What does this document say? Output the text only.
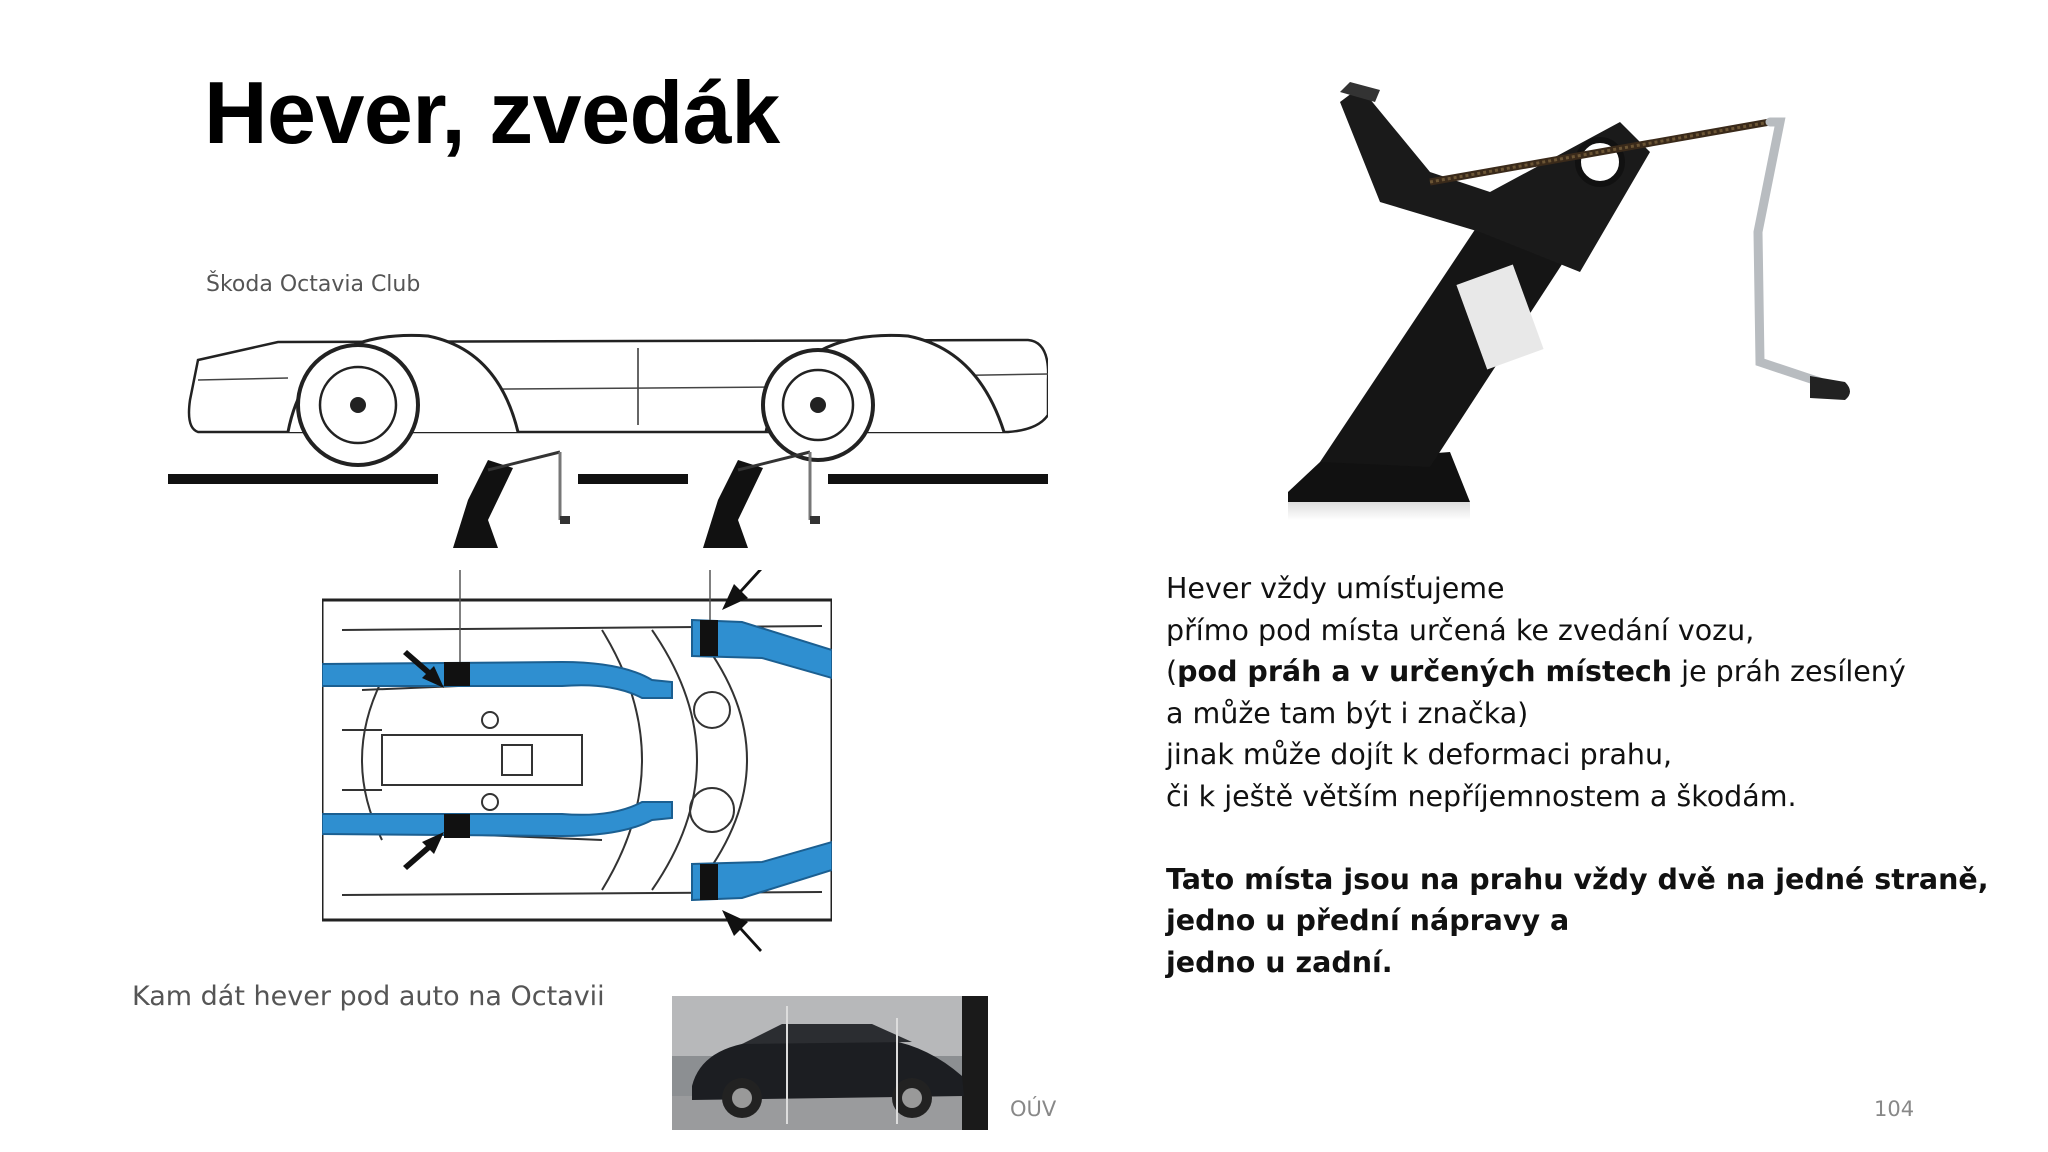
Hever, zvedák
Škoda Octavia Club
Kam dát hever pod auto na Octavii
Hever vždy umísťujeme
přímo pod místa určená ke zvedání vozu,
(pod práh a v určených místech je práh zesílený
a může tam být i značka)
jinak může dojít k deformaci prahu,
či k ještě větším nepříjemnostem a škodám.
Tato místa jsou na prahu vždy dvě na jedné straně,
jedno u přední nápravy a
jedno u zadní.
OÚV	104
